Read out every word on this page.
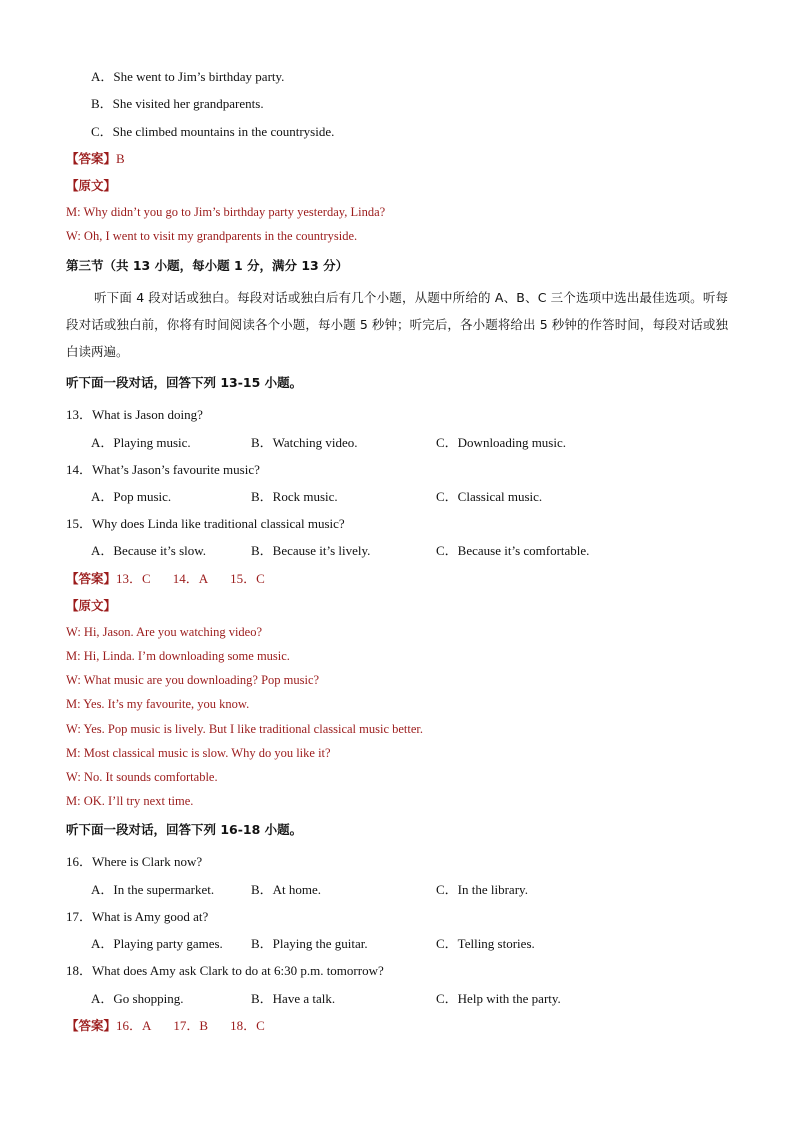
A．She went to Jim’s birthday party.
B．She visited her grandparents.
C．She climbed mountains in the countryside.
【答案】B
【原文】
M: Why didn’t you go to Jim’s birthday party yesterday, Linda?
W: Oh, I went to visit my grandparents in the countryside.
第三节（共 13 小题，每小题 1 分，满分 13 分）
听下面 4 段对话或独白。每段对话或独白后有几个小题，从题中所给的 A、B、C 三个选项中选出最佳选项。听每段对话或独白前，你将有时间阅读各个小题，每小题 5 秒钟；听完后，各小题将给出 5 秒钟的作答时间，每段对话或独白读两遍。
听下面一段对话，回答下列 13-15 小题。
13．What is Jason doing?
A．Playing music.	B．Watching video.	C．Downloading music.
14．What’s Jason’s favourite music?
A．Pop music.	B．Rock music.	C．Classical music.
15．Why does Linda like traditional classical music?
A．Because it’s slow.	B．Because it’s lively.	C．Because it’s comfortable.
【答案】13．C 14．A 15．C
【原文】
W: Hi, Jason. Are you watching video?
M: Hi, Linda. I’m downloading some music.
W: What music are you downloading? Pop music?
M: Yes. It’s my favourite, you know.
W: Yes. Pop music is lively. But I like traditional classical music better.
M: Most classical music is slow. Why do you like it?
W: No. It sounds comfortable.
M: OK. I’ll try next time.
听下面一段对话，回答下列 16-18 小题。
16．Where is Clark now?
A．In the supermarket.	B．At home.	C．In the library.
17．What is Amy good at?
A．Playing party games. B．Playing the guitar.	C．Telling stories.
18．What does Amy ask Clark to do at 6:30 p.m. tomorrow?
A．Go shopping.	B．Have a talk.	C．Help with the party.
【答案】16．A 17．B 18．C
